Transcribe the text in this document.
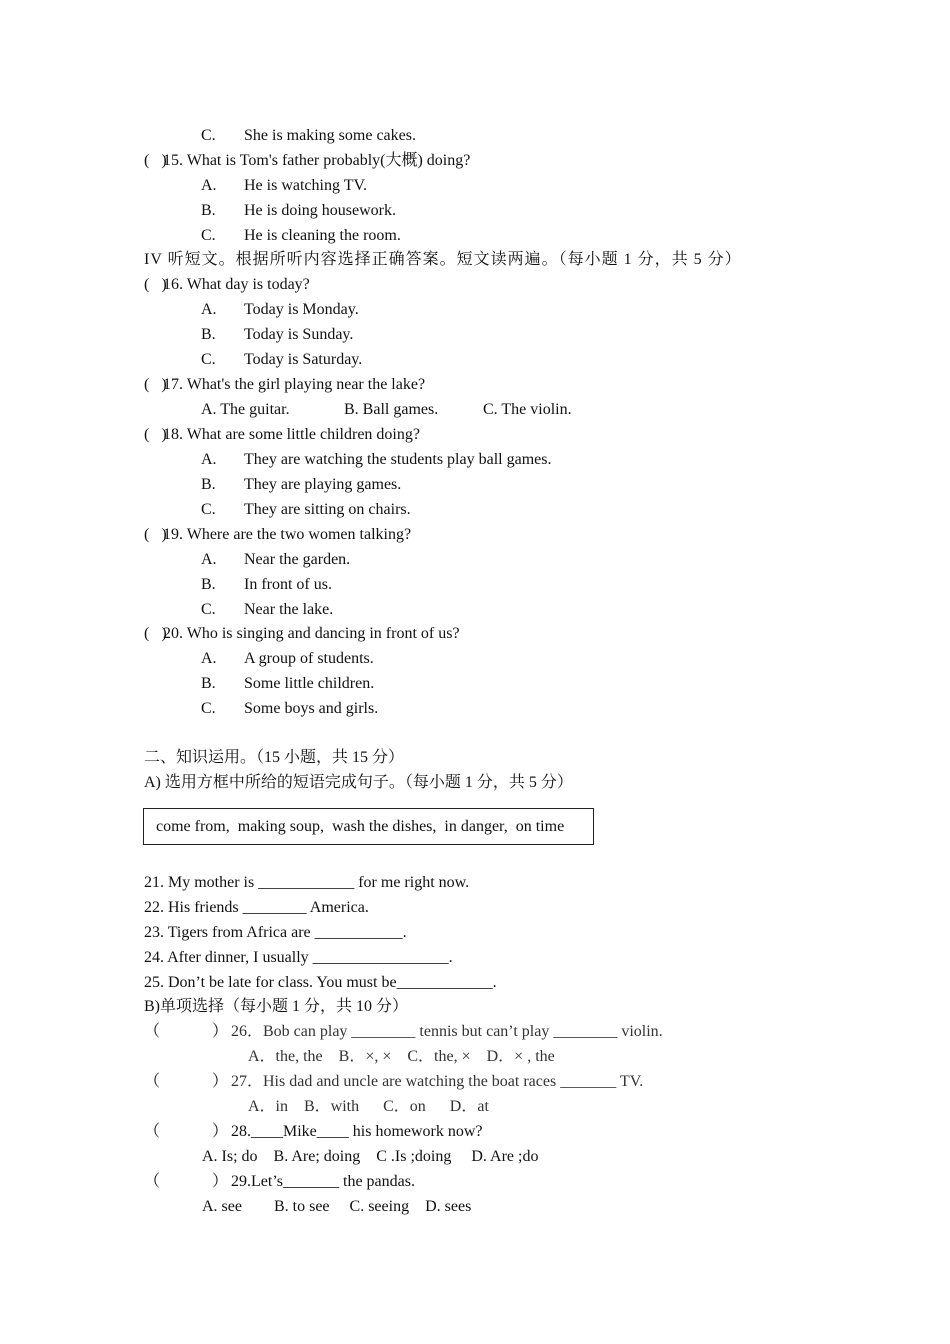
C. She is making some cakes.
(   )
15. What is Tom's father probably(大概) doing?
A. He is watching TV.
B. He is doing housework.
C. He is cleaning the room.
IV 听短文。根据所听内容选择正确答案。短文读两遍。（每小题 1 分，共 5 分）
(   )
16. What day is today?
A. Today is Monday.
B. Today is Sunday.
C. Today is Saturday.
(   )
17. What's the girl playing near the lake?
A. The guitar.	B. Ball games.	C. The violin.
(   )
18. What are some little children doing?
A. They are watching the students play ball games.
B. They are playing games.
C. They are sitting on chairs.
(   )
19. Where are the two women talking?
A. Near the garden.
B. In front of us.
C. Near the lake.
(   )
20. Who is singing and dancing in front of us?
A. A group of students.
B. Some little children.
C. Some boys and girls.
二、知识运用。（15 小题，共 15 分）
A) 选用方框中所给的短语完成句子。（每小题 1 分，共 5 分）
come from,  making soup,  wash the dishes,  in danger,  on time
21. My mother is ____________ for me right now.
22. His friends ________ America.
23. Tigers from Africa are ___________.
24. After dinner, I usually _________________.
25. Don’t be late for class. You must be____________.
B)单项选择（每小题 1 分，共 10 分）
（	） 26．Bob can play ________ tennis but can’t play ________ violin.
A．the, the    B．×, ×    C．the, ×    D．× , the
（	） 27．His dad and uncle are watching the boat races _______ TV.
A．in    B．with      C．on      D．at
（	） 28.____Mike____ his homework now?
A. Is; do    B. Are; doing    C .Is ;doing     D. Are ;do
（	） 29.Let’s_______ the pandas.
A. see        B. to see     C. seeing    D. sees
